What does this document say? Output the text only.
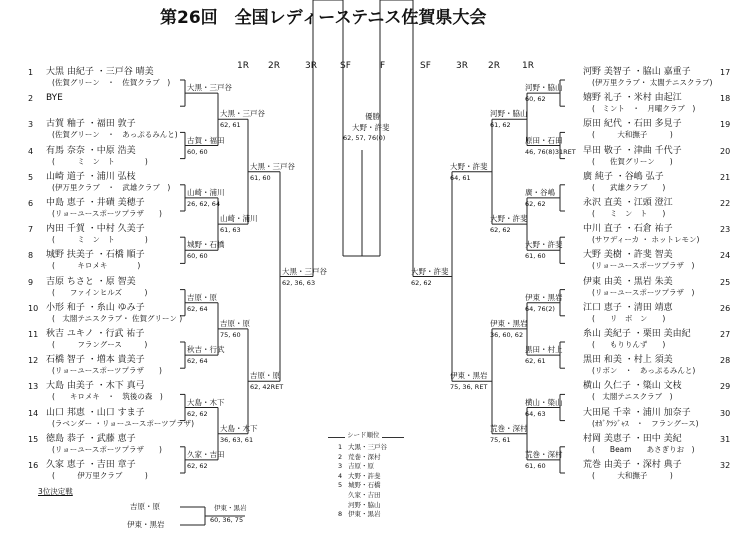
第26回　全国レディーステニス佐賀県大会
1R 2R	3R	SF	F	SF	3R 2R 1R
1 大黒 由紀子 ・三戸谷 晴美
(佐賀グリーン　・　佐賀クラブ　)
2 BYE
3 古賀 釉子 ・福田 敦子
(佐賀グリーン　・　あっぷるみんと)
4 有馬 奈奈 ・中原 浩美
(　　　ミ　ン　ト　　　　)
5 山崎 道子 ・浦川 弘枝
(伊万里クラブ　・　武雄クラブ　)
6 中島 恵子 ・井磧 美穂子
(リョーユースポーツプラザ　　)
7 内田 千賀 ・中村 久美子
(　　　ミ　ン　ト　　　　)
8 城野 扶美子 ・石橋 順子
(　　　キロメキ　　　　)
9 吉原 ちさと ・原 智美
(　　ファインヒルズ　　　)
10 小形 和子 ・糸山 ゆみ子
(　太閤テニスクラブ・ 佐賀グリーン )
11 秋吉 ユキノ ・行武 祐子
(　　　フラングース　　　)
12 石橋 智子 ・増本 貴美子
(リョーユースポーツプラザ　　)
13 大島 由美子 ・木下 真弓
(　　キロメキ　・　筑後の森　)
14 山口 邦恵 ・山口 すま子
(ラベンダー ・リョーユースポーツプラザ)
15 徳島 恭子 ・武藤 恵子
(リョーユースポーツプラザ　　)
16 久家 恵子 ・吉田 章子
(　　　伊万里クラブ　　　)
河野 美智子 ・脇山 嘉重子	17
(伊万里クラブ・ 太閤テニスクラブ)
嬉野 礼子 ・米村 由起江	18
(　ミント　・　月曜クラブ　)
原田 紀代 ・石田 多見子	19
(　　　大和撫子　　　)
早田 敬子 ・津曲 千代子	20
(　　佐賀グリーン　　)
廣 純子 ・谷嶋 弘子	21
(　　武雄クラブ　　)
永沢 直美 ・江頭 澄江	22
(　　ミ　ン　ト　　)
中川 直子 ・石倉 祐子	23
(サワディーカ ・ ホットレモン)
大野 美樹 ・許斐 智美	24
(リョーユースポーツプラザ　)
伊東 由美 ・黒岩 朱美	25
(リョーユースポーツプラザ　)
江口 恵子 ・清田 靖恵	26
(　　リ　ボ　ン　　)
糸山 美紀子 ・栗田 美由紀	27
(　　もりりんず　　)
黒田 和美 ・村上 須美	28
(リボン　・　あっぷるみんと)
横山 久仁子 ・簗山 文枝	29
(　太閤テニスクラブ　)
大田尾 千幸 ・浦川 加奈子	30
(ｵｶﾞｸﾗｼﾞｬｽ　・　フラングース)
村岡 美恵子 ・田中 美紀	31
(　　Beam　　あさぎりお　)
荒巻 由美子 ・深村 典子	32
(　　　大和撫子　　　)
大黒・三戸谷
古賀・福田
60, 60
山崎・浦川
26, 62, 64
城野・石橋
60, 60
吉原・原
62, 64
秋吉・行武
62, 64
大島・木下
62, 62
久家・吉田
62, 62
大黒・三戸谷
62, 61
山崎・浦川
61, 63
吉原・原
75, 60
大島・木下
36, 63, 61
大黒・三戸谷
61, 60
吉原・原
62, 42RET
大黒・三戸谷
62, 36, 63
河野・脇山
60, 62
原田・石田
46, 76(8)31RET
廣・谷嶋
62, 62
大野・許斐
61, 60
伊東・黒岩
64, 76(2)
黒田・村上
62, 61
横山・簗山
64, 63
荒巻・深村
61, 60
河野・脇山
61, 62
大野・許斐
62, 62
伊東・黒岩
36, 60, 62
荒巻・深村
75, 61
大野・許斐
64, 61
伊東・黒岩
75, 36, RET
大野・許斐
62, 62
優勝
大野・許斐
62, 57, 76(0)
シード順位
1 大黒・三戸谷
2 荒巻・深村
3 吉原・原
4 大野・許斐
5 城野・石橋
久家・吉田
河野・脇山
8 伊東・黒岩
3位決定戦
吉原・原
伊東・黒岩
伊東・黒岩
60, 36, 75
